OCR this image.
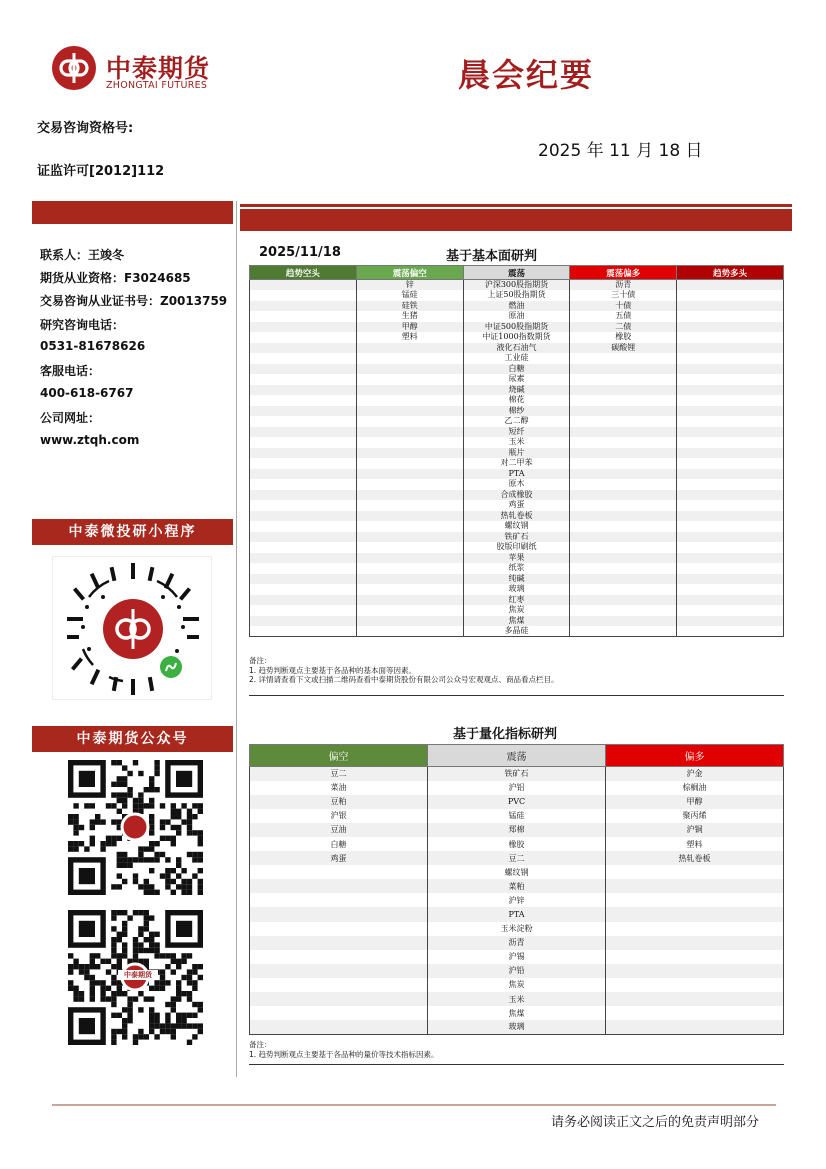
中泰期货
ZHONGTAI FUTURES	晨会纪要
交易咨询资格号:
证监许可[2012]112
2025 年 11 月 18 日
联系人：王竣冬
期货从业资格：F3024685
交易咨询从业证书号：Z0013759
研究咨询电话：
0531-81678626
客服电话：
400-618-6767
公司网址：
www.ztqh.com
中泰微投研小程序
中泰期货公众号
中泰期货
2025/11/18	基于基本面研判
趋势空头	震荡偏空	震荡	震荡偏多	趋势多头
	锌	沪深300股指期货	沥青	
	锰硅	上证50股指期货	三十债	
	硅铁	燃油	十债	
	生猪	原油	五债	
	甲醇	中证500股指期货	二债	
	塑料	中证1000指数期货	橡胶	
		液化石油气	碳酸锂	
		工业硅		
		白糖		
		尿素		
		烧碱		
		棉花		
		棉纱		
		乙二醇		
		短纤		
		玉米		
		瓶片		
		对二甲苯		
		PTA		
		原木		
		合成橡胶		
		鸡蛋		
		热轧卷板		
		螺纹钢		
		铁矿石		
		胶版印刷纸		
		苹果		
		纸浆		
		纯碱		
		玻璃		
		红枣		
		焦炭		
		焦煤		
		多晶硅		
备注：
1. 趋势判断观点主要基于各品种的基本面等因素。
2. 详情请查看下文或扫描二维码查看中泰期货股份有限公司公众号宏观观点、商品看点栏目。
基于量化指标研判
偏空	震荡	偏多
豆二	铁矿石	沪金
菜油	沪铝	棕榈油
豆粕	PVC	甲醇
沪银	锰硅	聚丙烯
豆油	郑棉	沪铜
白糖	橡胶	塑料
鸡蛋	豆二	热轧卷板
	螺纹钢	
	菜粕	
	沪锌	
	PTA	
	玉米淀粉	
	沥青	
	沪锡	
	沪铅	
	焦炭	
	玉米	
	焦煤	
	玻璃	
备注：
1. 趋势判断观点主要基于各品种的量价等技术指标因素。
请务必阅读正文之后的免责声明部分
